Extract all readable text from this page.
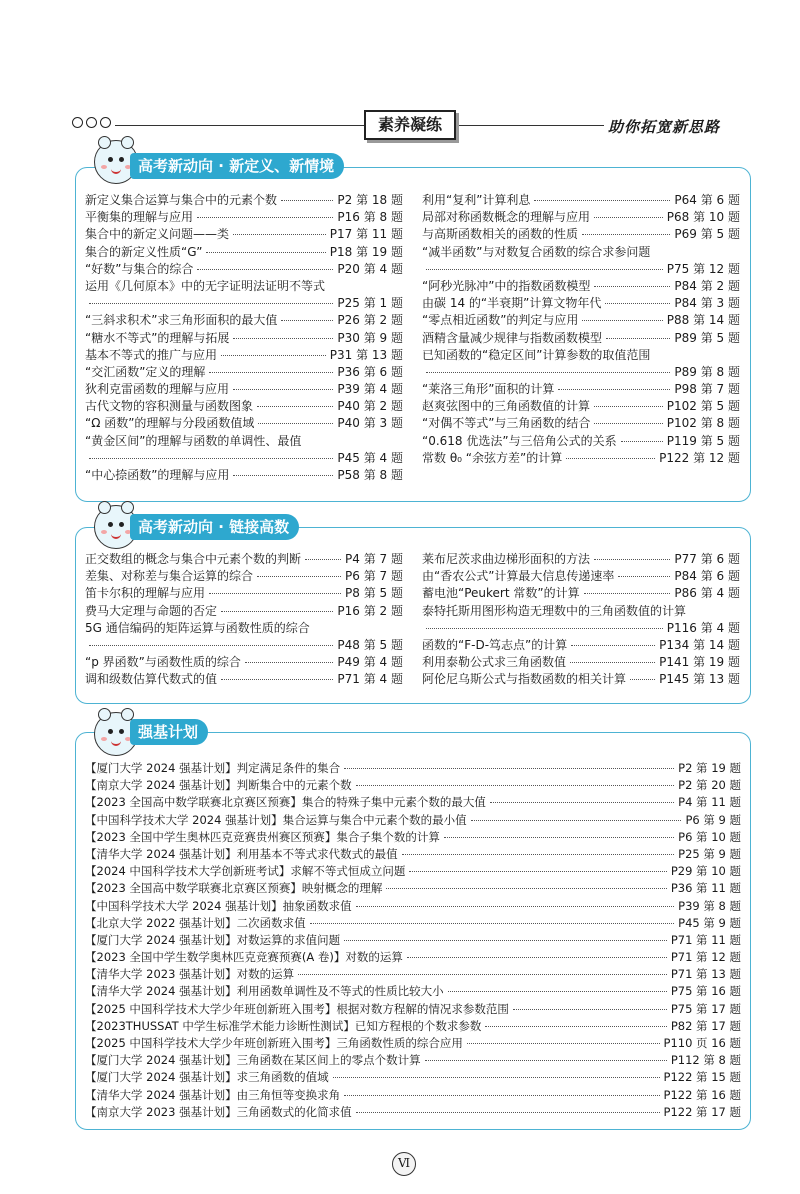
素养凝练	助你拓宽新思路
高考新动向 · 新定义、新情境
新定义集合运算与集合中的元素个数	P2 第 18 题
平衡集的理解与应用	P16 第 8 题
集合中的新定义问题——类	P17 第 11 题
集合的新定义性质“G”	P18 第 19 题
“好数”与集合的综合	P20 第 4 题
运用《几何原本》中的无字证明法证明不等式
P25 第 1 题
“三斜求积术”求三角形面积的最大值	P26 第 2 题
“糖水不等式”的理解与拓展	P30 第 9 题
基本不等式的推广与应用	P31 第 13 题
“交汇函数”定义的理解	P36 第 6 题
狄利克雷函数的理解与应用	P39 第 4 题
古代文物的容积测量与函数图象	P40 第 2 题
“Ω 函数”的理解与分段函数值域	P40 第 3 题
“黄金区间”的理解与函数的单调性、最值
P45 第 4 题
“中心捺函数”的理解与应用	P58 第 8 题
利用“复利”计算利息	P64 第 6 题
局部对称函数概念的理解与应用	P68 第 10 题
与高斯函数相关的函数的性质	P69 第 5 题
“减半函数”与对数复合函数的综合求参问题
P75 第 12 题
“阿秒光脉冲”中的指数函数模型	P84 第 2 题
由碳 14 的“半衰期”计算文物年代	P84 第 3 题
“零点相近函数”的判定与应用	P88 第 14 题
酒精含量减少规律与指数函数模型	P89 第 5 题
已知函数的“稳定区间”计算参数的取值范围
P89 第 8 题
“莱洛三角形”面积的计算	P98 第 7 题
赵爽弦图中的三角函数值的计算	P102 第 5 题
“对偶不等式”与三角函数的结合	P102 第 8 题
“0.618 优选法”与三倍角公式的关系	P119 第 5 题
常数 θ₀ “余弦方差”的计算	P122 第 12 题
高考新动向 · 链接高数
正交数组的概念与集合中元素个数的判断	P4 第 7 题
差集、对称差与集合运算的综合	P6 第 7 题
笛卡尔积的理解与应用	P8 第 5 题
费马大定理与命题的否定	P16 第 2 题
5G 通信编码的矩阵运算与函数性质的综合
P48 第 5 题
“p 界函数”与函数性质的综合	P49 第 4 题
调和级数估算代数式的值	P71 第 4 题
莱布尼茨求曲边梯形面积的方法	P77 第 6 题
由“香农公式”计算最大信息传递速率	P84 第 6 题
蓄电池“Peukert 常数”的计算	P86 第 4 题
泰特托斯用图形构造无理数中的三角函数值的计算
P116 第 4 题
函数的“F-D-笃志点”的计算	P134 第 14 题
利用泰勒公式求三角函数值	P141 第 19 题
阿伦尼乌斯公式与指数函数的相关计算	P145 第 13 题
强基计划
【厦门大学 2024 强基计划】判定满足条件的集合	P2 第 19 题
【南京大学 2024 强基计划】判断集合中的元素个数	P2 第 20 题
【2023 全国高中数学联赛北京赛区预赛】集合的特殊子集中元素个数的最大值	P4 第 11 题
【中国科学技术大学 2024 强基计划】集合运算与集合中元素个数的最小值	P6 第 9 题
【2023 全国中学生奥林匹克竞赛贵州赛区预赛】集合子集个数的计算	P6 第 10 题
【清华大学 2024 强基计划】利用基本不等式求代数式的最值	P25 第 9 题
【2024 中国科学技术大学创新班考试】求解不等式恒成立问题	P29 第 10 题
【2023 全国高中数学联赛北京赛区预赛】映射概念的理解	P36 第 11 题
【中国科学技术大学 2024 强基计划】抽象函数求值	P39 第 8 题
【北京大学 2022 强基计划】二次函数求值	P45 第 9 题
【厦门大学 2024 强基计划】对数运算的求值问题	P71 第 11 题
【2023 全国中学生数学奥林匹克竞赛预赛(A 卷)】对数的运算	P71 第 12 题
【清华大学 2023 强基计划】对数的运算	P71 第 13 题
【清华大学 2024 强基计划】利用函数单调性及不等式的性质比较大小	P75 第 16 题
【2025 中国科学技术大学少年班创新班入围考】根据对数方程解的情况求参数范围	P75 第 17 题
【2023THUSSAT 中学生标准学术能力诊断性测试】已知方程根的个数求参数	P82 第 17 题
【2025 中国科学技术大学少年班创新班入围考】三角函数性质的综合应用	P110 页 16 题
【厦门大学 2024 强基计划】三角函数在某区间上的零点个数计算	P112 第 8 题
【厦门大学 2024 强基计划】求三角函数的值域	P122 第 15 题
【清华大学 2024 强基计划】由三角恒等变换求角	P122 第 16 题
【南京大学 2023 强基计划】三角函数式的化简求值	P122 第 17 题
Ⅵ
